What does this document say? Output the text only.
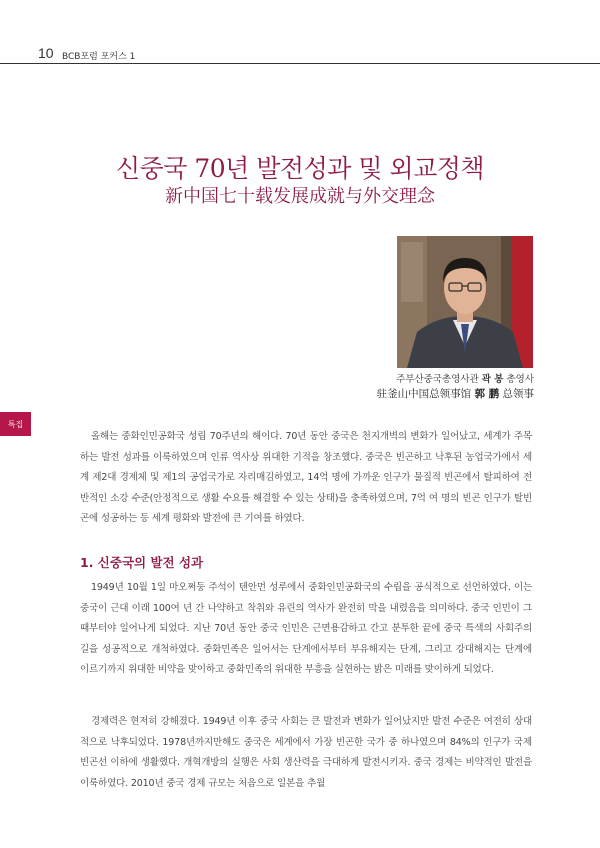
10 BCB포럼 포커스 1
신중국 70년 발전성과 및 외교정책
新中国七十载发展成就与外交理念
주부산중국총영사관 곽 봉 총영사
驻釜山中国总领事馆 郭 鹏 总领事
특집
올해는 중화인민공화국 성립 70주년의 해이다. 70년 동안 중국은 천지개벽의 변화가 일어났고, 세계가 주목하는 발전 성과를 이룩하였으며 인류 역사상 위대한 기적을 창조했다. 중국은 빈곤하고 낙후된 농업국가에서 세계 제2대 경제체 및 제1의 공업국가로 자리매김하였고, 14억 명에 가까운 인구가 물질적 빈곤에서 탈피하여 전반적인 소강 수준(안정적으로 생활 수요를 해결할 수 있는 상태)을 충족하였으며, 7억 여 명의 빈곤 인구가 탈빈곤에 성공하는 등 세계 평화와 발전에 큰 기여를 하였다.
1. 신중국의 발전 성과
1949년 10월 1일 마오쩌둥 주석이 텐안먼 성루에서 중화인민공화국의 수립을 공식적으로 선언하였다. 이는 중국이 근대 이래 100여 년 간 나약하고 착취와 유린의 역사가 완전히 막을 내렸음을 의미하다. 중국 인민이 그때부터야 일어나게 되었다. 지난 70년 동안 중국 인민은 근면용감하고 간고 분투한 끝에 중국 특색의 사회주의 길을 성공적으로 개척하였다. 중화민족은 일어서는 단계에서부터 부유해지는 단계, 그리고 강대해지는 단계에 이르기까지 위대한 비약을 맞이하고 중화민족의 위대한 부흥을 실현하는 밝은 미래를 맞이하게 되었다.
경제력은 현저히 강해졌다. 1949년 이후 중국 사회는 큰 발전과 변화가 일어났지만 발전 수준은 여전히 상대적으로 낙후되었다. 1978년까지만해도 중국은 세계에서 가장 빈곤한 국가 중 하나였으며 84%의 인구가 국제 빈곤선 이하에 생활했다. 개혁개방의 실행은 사회 생산력을 극대하게 발전시키자. 중국 경제는 비약적인 발전을 이룩하였다. 2010년 중국 경제 규모는 처음으로 일본을 추월
